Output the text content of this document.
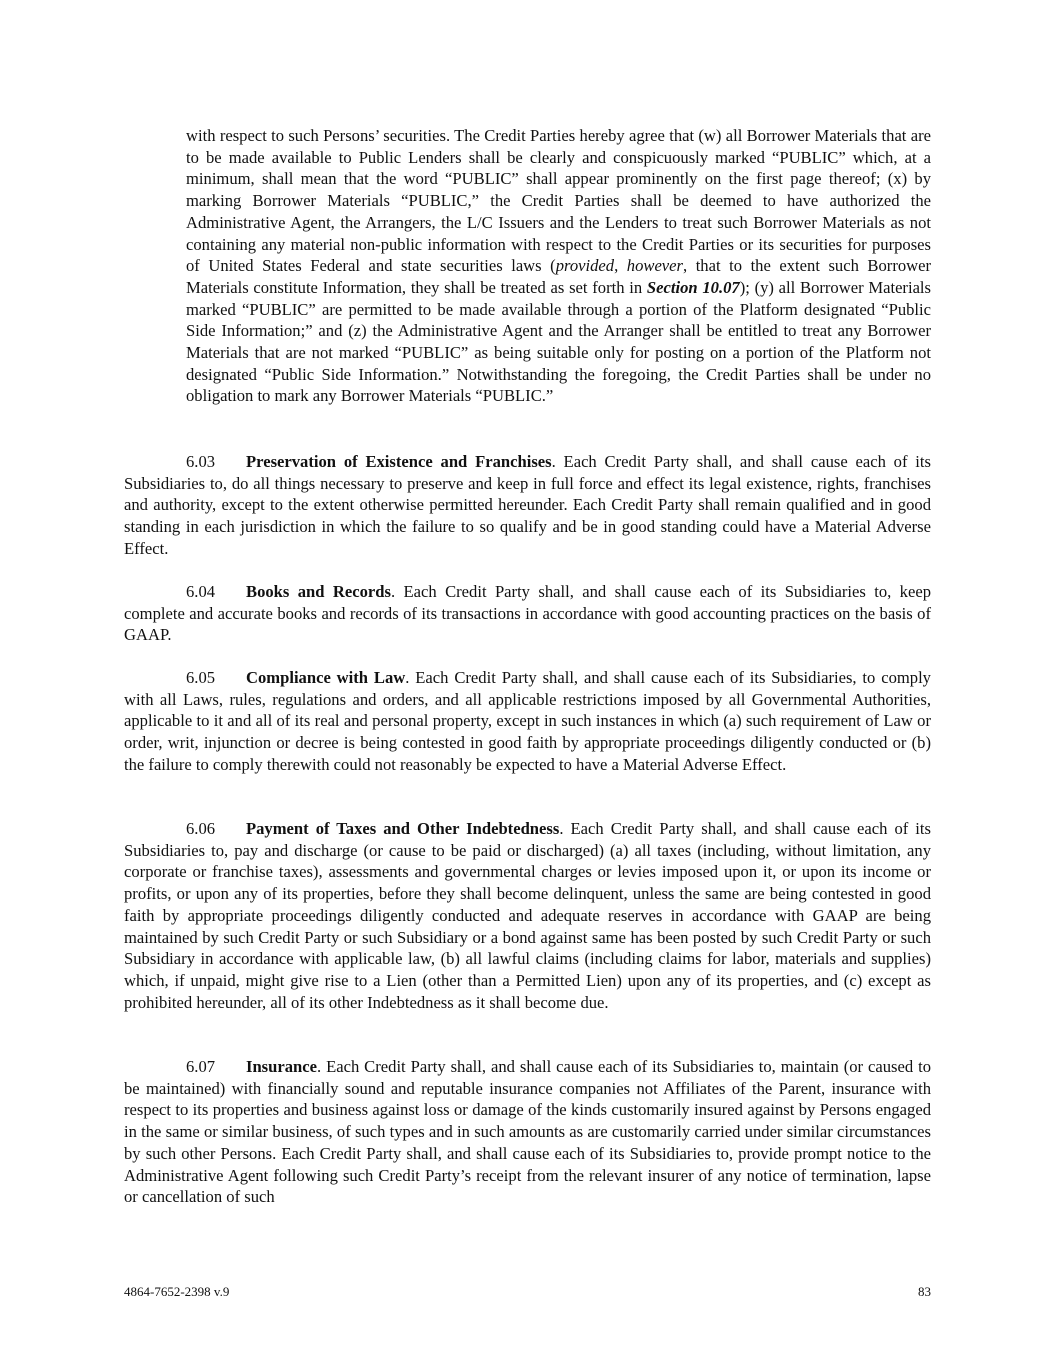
with respect to such Persons’ securities. The Credit Parties hereby agree that (w) all Borrower Materials that are to be made available to Public Lenders shall be clearly and conspicuously marked “PUBLIC” which, at a minimum, shall mean that the word “PUBLIC” shall appear prominently on the first page thereof; (x) by marking Borrower Materials “PUBLIC,” the Credit Parties shall be deemed to have authorized the Administrative Agent, the Arrangers, the L/C Issuers and the Lenders to treat such Borrower Materials as not containing any material non-public information with respect to the Credit Parties or its securities for purposes of United States Federal and state securities laws (provided, however, that to the extent such Borrower Materials constitute Information, they shall be treated as set forth in Section 10.07); (y) all Borrower Materials marked “PUBLIC” are permitted to be made available through a portion of the Platform designated “Public Side Information;” and (z) the Administrative Agent and the Arranger shall be entitled to treat any Borrower Materials that are not marked “PUBLIC” as being suitable only for posting on a portion of the Platform not designated “Public Side Information.” Notwithstanding the foregoing, the Credit Parties shall be under no obligation to mark any Borrower Materials “PUBLIC.”

6.03 Preservation of Existence and Franchises. Each Credit Party shall, and shall cause each of its Subsidiaries to, do all things necessary to preserve and keep in full force and effect its legal existence, rights, franchises and authority, except to the extent otherwise permitted hereunder. Each Credit Party shall remain qualified and in good standing in each jurisdiction in which the failure to so qualify and be in good standing could have a Material Adverse Effect.

6.04 Books and Records. Each Credit Party shall, and shall cause each of its Subsidiaries to, keep complete and accurate books and records of its transactions in accordance with good accounting practices on the basis of GAAP.

6.05 Compliance with Law. Each Credit Party shall, and shall cause each of its Subsidiaries, to comply with all Laws, rules, regulations and orders, and all applicable restrictions imposed by all Governmental Authorities, applicable to it and all of its real and personal property, except in such instances in which (a) such requirement of Law or order, writ, injunction or decree is being contested in good faith by appropriate proceedings diligently conducted or (b) the failure to comply therewith could not reasonably be expected to have a Material Adverse Effect.

6.06 Payment of Taxes and Other Indebtedness. Each Credit Party shall, and shall cause each of its Subsidiaries to, pay and discharge (or cause to be paid or discharged) (a) all taxes (including, without limitation, any corporate or franchise taxes), assessments and governmental charges or levies imposed upon it, or upon its income or profits, or upon any of its properties, before they shall become delinquent, unless the same are being contested in good faith by appropriate proceedings diligently conducted and adequate reserves in accordance with GAAP are being maintained by such Credit Party or such Subsidiary or a bond against same has been posted by such Credit Party or such Subsidiary in accordance with applicable law, (b) all lawful claims (including claims for labor, materials and supplies) which, if unpaid, might give rise to a Lien (other than a Permitted Lien) upon any of its properties, and (c) except as prohibited hereunder, all of its other Indebtedness as it shall become due.

6.07 Insurance. Each Credit Party shall, and shall cause each of its Subsidiaries to, maintain (or caused to be maintained) with financially sound and reputable insurance companies not Affiliates of the Parent, insurance with respect to its properties and business against loss or damage of the kinds customarily insured against by Persons engaged in the same or similar business, of such types and in such amounts as are customarily carried under similar circumstances by such other Persons. Each Credit Party shall, and shall cause each of its Subsidiaries to, provide prompt notice to the Administrative Agent following such Credit Party’s receipt from the relevant insurer of any notice of termination, lapse or cancellation of such

4864-7652-2398 v.9	83
